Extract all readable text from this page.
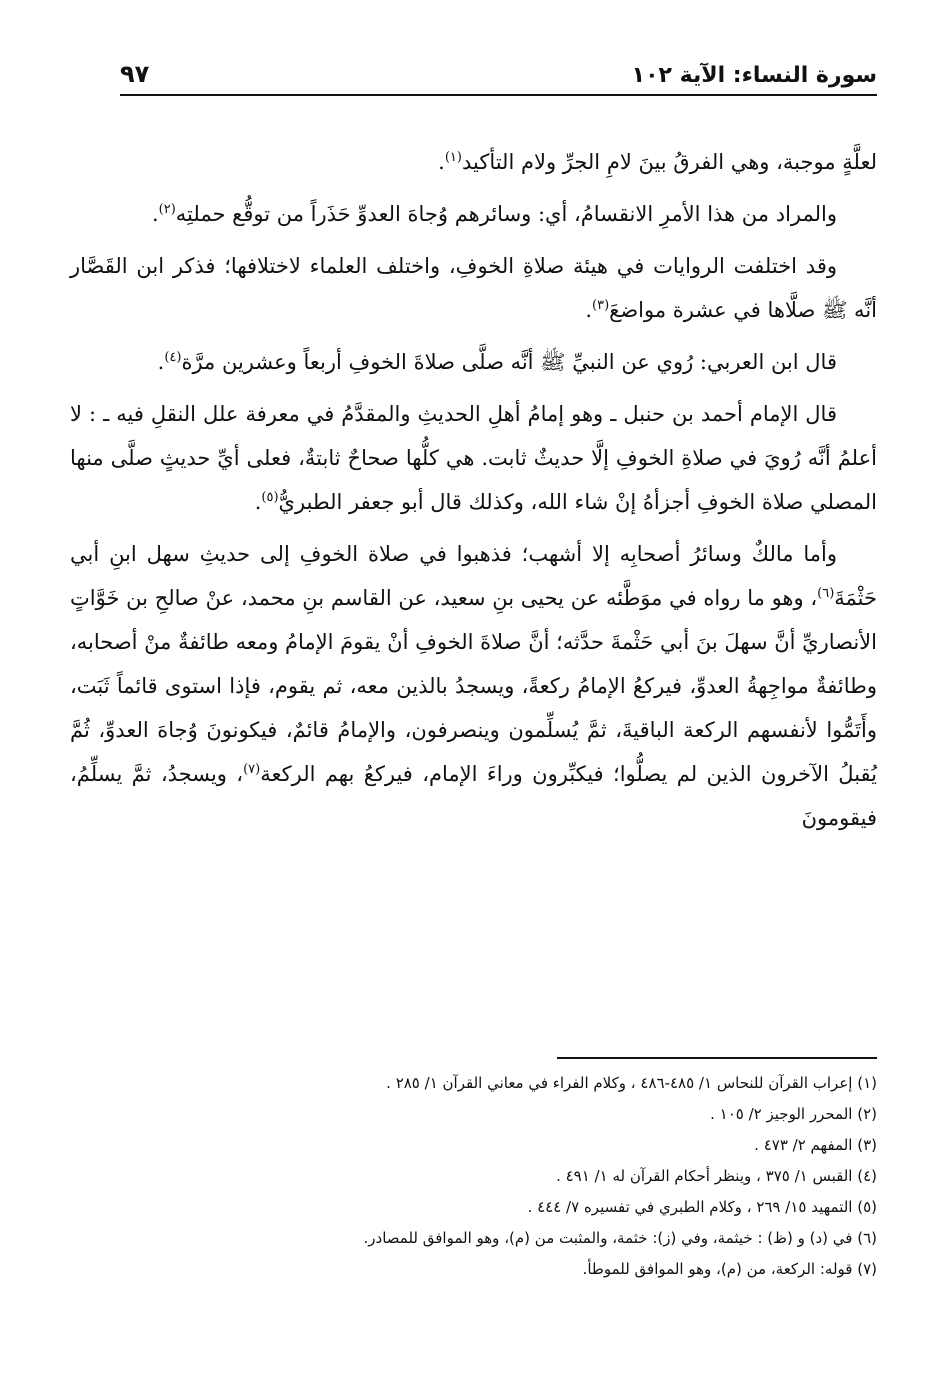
سورة النساء: الآية ١٠٢
٩٧

لعلَّةٍ موجبة، وهي الفرقُ بينَ لامِ الجرِّ ولام التأكيد$^{(١)}$.

والمراد من هذا الأمرِ الانقسامُ، أي: وسائرهم وُجاهَ العدوِّ حَذَراً من توقُّع حملتِه$^{(٢)}$.

وقد اختلفت الروايات في هيئة صلاةِ الخوفِ، واختلف العلماء لاختلافها؛ فذكر ابن القَصَّار أنَّه ﷺ صلَّاها في عشرة مواضعَ$^{(٣)}$.

قال ابن العربي: رُوي عن النبيِّ ﷺ أنَّه صلَّى صلاةَ الخوفِ أربعاً وعشرين مرَّة$^{(٤)}$.

قال الإمام أحمد بن حنبل ـ وهو إمامُ أهلِ الحديثِ والمقدَّمُ في معرفة علل النقلِ فيه ـ : لا أعلمُ أنَّه رُويَ في صلاةِ الخوفِ إلَّا حديثٌ ثابت. هي كلُّها صحاحٌ ثابتةٌ، فعلى أيِّ حديثٍ صلَّى منها المصلي صلاة الخوفِ أجزأهُ إنْ شاء الله، وكذلك قال أبو جعفر الطبريُّ$^{(٥)}$.

وأما مالكٌ وسائرُ أصحابِه إلا أشهب؛ فذهبوا في صلاة الخوفِ إلى حديثِ سهل ابنِ أبي حَثْمَةَ$^{(٦)}$، وهو ما رواه في موَطَّئه عن يحيى بنِ سعيد، عن القاسم بنِ محمد، عنْ صالحِ بن خَوَّاتٍ الأنصاريِّ أنَّ سهلَ بنَ أبي حَثْمةَ حدَّثه؛ أنَّ صلاةَ الخوفِ أنْ يقومَ الإمامُ ومعه طائفةٌ منْ أصحابه، وطائفةٌ مواجِهةُ العدوِّ، فيركعُ الإمامُ ركعةً، ويسجدُ بالذين معه، ثم يقوم، فإذا استوى قائماً ثَبَت، وأَتَمُّوا لأنفسهم الركعة الباقيةَ، ثمَّ يُسلِّمون وينصرفون، والإمامُ قائمٌ، فيكونونَ وُجاهَ العدوِّ، ثُمَّ يُقبلُ الآخرون الذين لم يصلُّوا؛ فيكبِّرون وراءَ الإمام، فيركعُ بهم الركعة$^{(٧)}$، ويسجدُ، ثمَّ يسلِّمُ، فيقومونَ

(١) إعراب القرآن للنحاس ١/ ٤٨٥-٤٨٦ ، وكلام الفراء في معاني القرآن ١/ ٢٨٥ .
(٢) المحرر الوجيز ٢/ ١٠٥ .
(٣) المفهم ٢/ ٤٧٣ .
(٤) القبس ١/ ٣٧٥ ، وينظر أحكام القرآن له ١/ ٤٩١ .
(٥) التمهيد ١٥/ ٢٦٩ ، وكلام الطبري في تفسيره ٧/ ٤٤٤ .
(٦) في (د) و (ظ) : خيثمة، وفي (ز): خثمة، والمثبت من (م)، وهو الموافق للمصادر.
(٧) قوله: الركعة، من (م)، وهو الموافق للموطأ.
